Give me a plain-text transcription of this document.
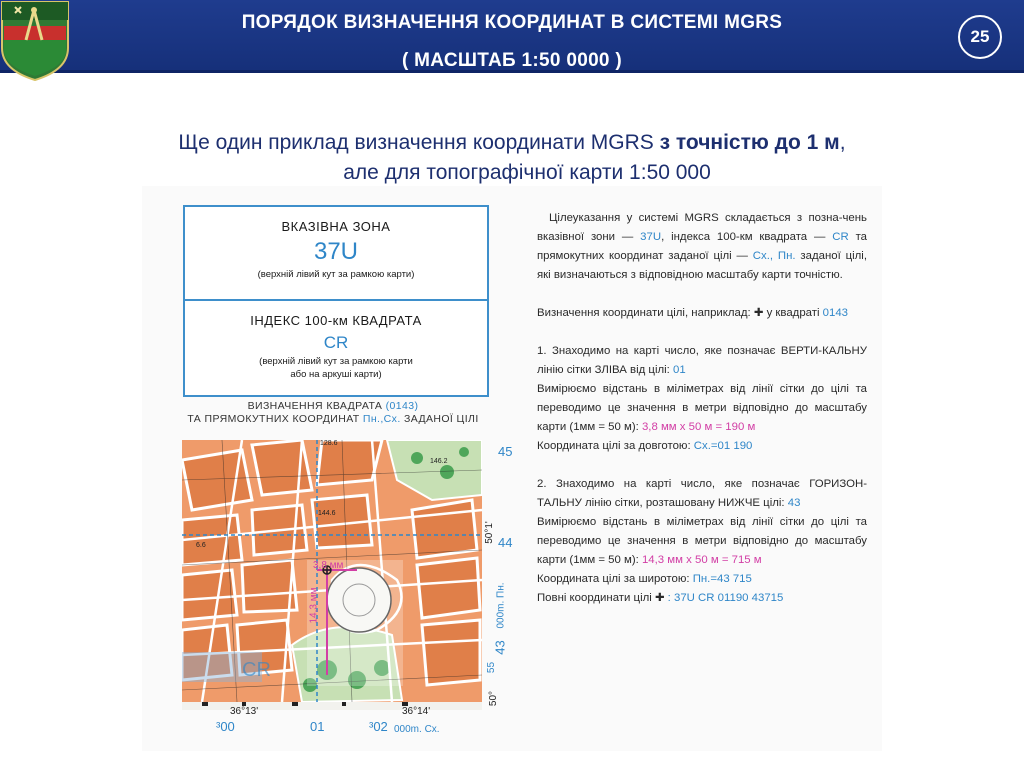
ПОРЯДОК ВИЗНАЧЕННЯ КООРДИНАТ В СИСТЕМІ MGRS
( МАСШТАБ 1:50 0000 )
25
Ще один приклад визначення координати MGRS з точністю до 1 м,
але для топографічної карти 1:50 000
ВКАЗІВНА ЗОНА
37U
(верхній лівий кут за рамкою карти)
ІНДЕКС 100-км КВАДРАТА
CR
(верхній лівий кут за рамкою карти
або на аркуші карти)
ВИЗНАЧЕННЯ КВАДРАТА (0143)
ТА ПРЯМОКУТНИХ КООРДИНАТ Пн.,Сх. ЗАДАНОЇ ЦІЛІ
45
44
01
³00	³02 000m. Сх.
36°13'	36°14'
50°1'
50°
55
43
000m. Пн.
3,8 мм
14,3 мм
128.6
144.6
146.2
6.6
CR

Цілеуказання у системі MGRS складається з позна-чень вказівної зони — 37U, індекса 100-км квадрата — CR та прямокутних координат заданої цілі — Сх., Пн. заданої цілі, які визначаються з відповідною масштабу карти точністю.

Визначення координати цілі, наприклад: ✚ у квадраті 0143

1. Знаходимо на карті число, яке позначає ВЕРТИ-КАЛЬНУ лінію сітки ЗЛІВА від цілі: 01
Вимірюємо відстань в міліметрах від лінії сітки до цілі та переводимо це значення в метри відповідно до масштабу карти (1мм = 50 м): 3,8 мм х 50 м = 190 м
Координата цілі за довготою: Сх.=01 190

2. Знаходимо на карті число, яке позначає ГОРИЗОН-ТАЛЬНУ лінію сітки, розташовану НИЖЧЕ цілі: 43
Вимірюємо відстань в міліметрах від лінії сітки до цілі та переводимо це значення в метри відповідно до масштабу карти (1мм = 50 м): 14,3 мм х 50 м = 715 м
Координата цілі за широтою: Пн.=43 715
Повні координати цілі ✚ : 37U CR 01190 43715
